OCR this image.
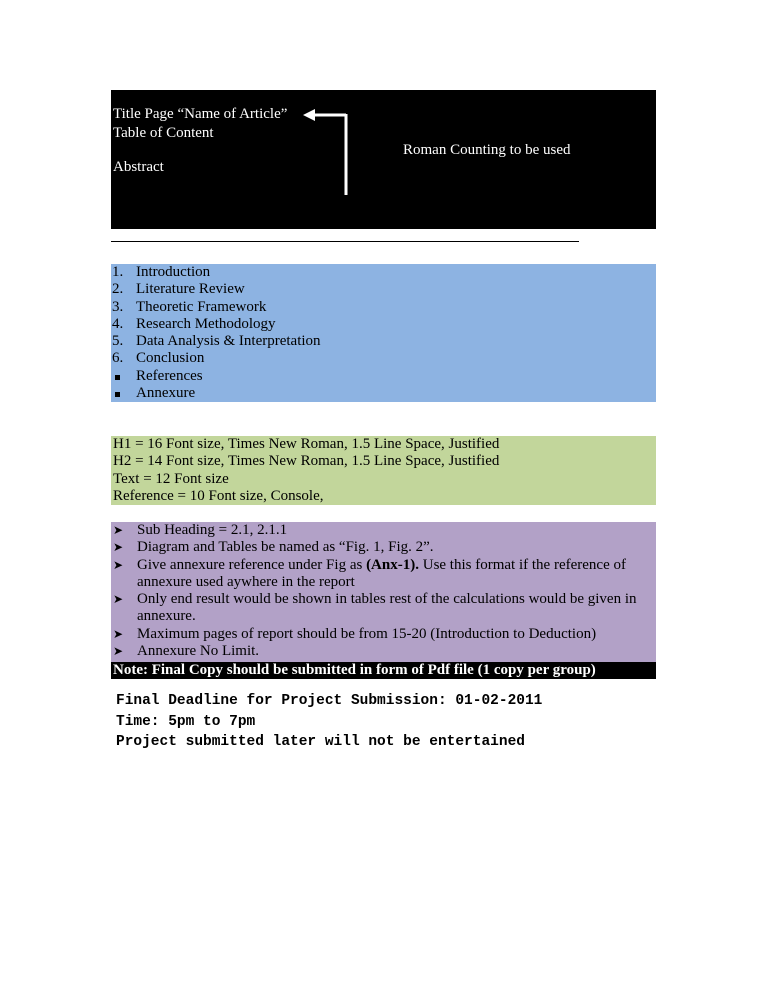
Title Page “Name of Article”
Table of Content
Abstract
Roman Counting to be used
1. Introduction
2. Literature Review
3. Theoretic Framework
4. Research Methodology
5. Data Analysis & Interpretation
6. Conclusion
References
Annexure
H1 = 16 Font size, Times New Roman, 1.5 Line Space, Justified
H2 = 14 Font size, Times New Roman, 1.5 Line Space, Justified
Text = 12 Font size
Reference = 10 Font size, Console,
➤ Sub Heading = 2.1, 2.1.1
➤ Diagram and Tables be named as “Fig. 1, Fig. 2”.
➤ Give annexure reference under Fig as (Anx-1). Use this format if the reference of annexure used aywhere in the report
➤ Only end result would be shown in tables rest of the calculations would be given in annexure.
➤ Maximum pages of report should be from 15-20 (Introduction to Deduction)
➤ Annexure No Limit.
Note: Final Copy should be submitted in form of Pdf file (1 copy per group)
Final Deadline for Project Submission: 01-02-2011
Time: 5pm to 7pm
Project submitted later will not be entertained
